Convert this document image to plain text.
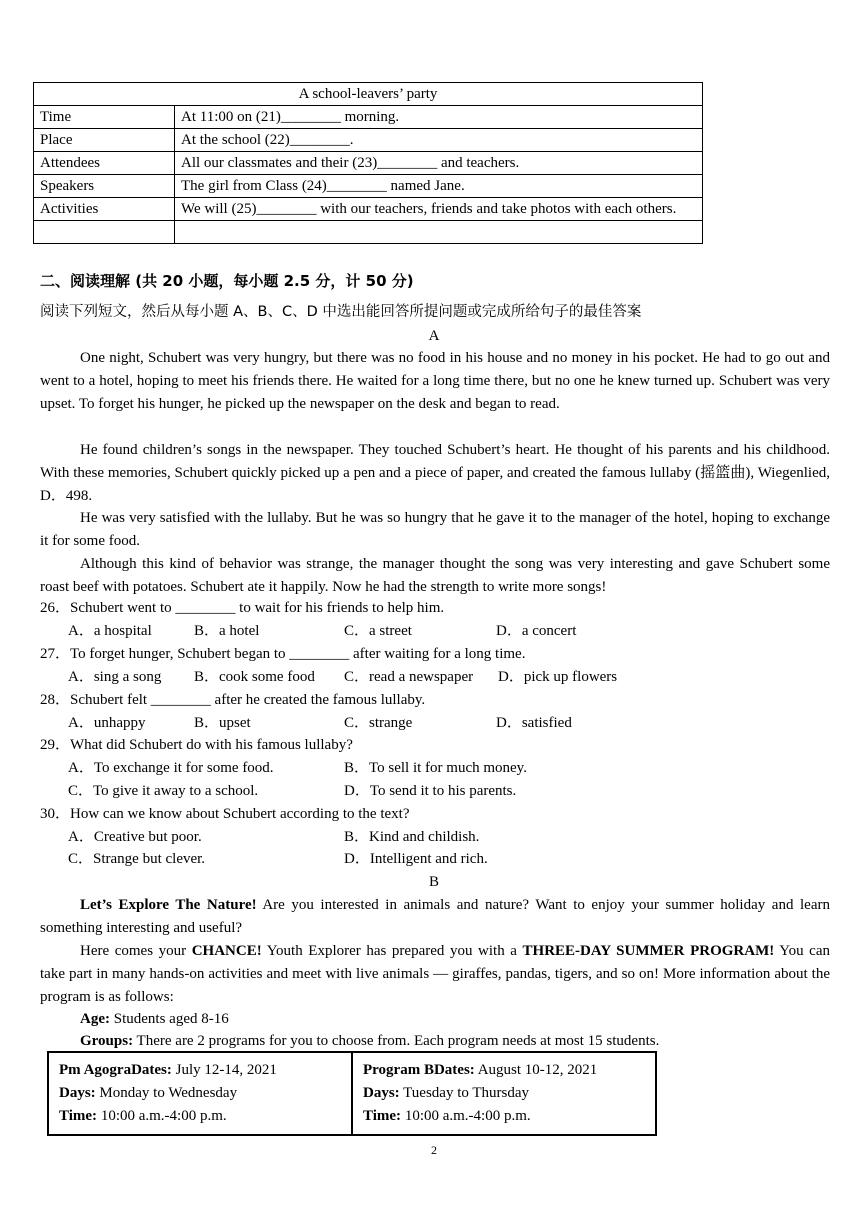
A school-leavers’ party	
Time	At 11:00 on (21)________ morning.
Place	At the school (22)________.
Attendees	All our classmates and their (23)________ and teachers.
Speakers	The girl from Class (24)________ named Jane.
Activities	We will (25)________ with our teachers, friends and take photos with each others.

二、阅读理解 (共 20 小题，每小题 2.5 分，计 50 分)
阅读下列短文，然后从每小题 A、B、C、D 中选出能回答所提问题或完成所给句子的最佳答案
A
One night, Schubert was very hungry, but there was no food in his house and no money in his pocket. He had to go out and went to a hotel, hoping to meet his friends there. He waited for a long time there, but no one he knew turned up. Schubert was very upset. To forget his hunger, he picked up the newspaper on the desk and began to read.
He found children’s songs in the newspaper. They touched Schubert’s heart. He thought of his parents and his childhood. With these memories, Schubert quickly picked up a pen and a piece of paper, and created the famous lullaby (摇篮曲), Wiegenlied, D．498.
He was very satisfied with the lullaby. But he was so hungry that he gave it to the manager of the hotel, hoping to exchange it for some food.
Although this kind of behavior was strange, the manager thought the song was very interesting and gave Schubert some roast beef with potatoes. Schubert ate it happily. Now he had the strength to write more songs!
26．Schubert went to ________ to wait for his friends to help him.
A．a hospital	B．a hotel	C．a street	D．a concert
27．To forget hunger, Schubert began to ________ after waiting for a long time.
A．sing a song B．cook some food C．read a newspaper D．pick up flowers
28．Schubert felt ________ after he created the famous lullaby.
A．unhappy	B．upset	C．strange	D．satisfied
29．What did Schubert do with his famous lullaby?
A．To exchange it for some food.	B．To sell it for much money.
C．To give it away to a school.	D．To send it to his parents.
30．How can we know about Schubert according to the text?
A．Creative but poor.	B．Kind and childish.
C．Strange but clever.	D．Intelligent and rich.
B
Let’s Explore The Nature! Are you interested in animals and nature? Want to enjoy your summer holiday and learn something interesting and useful?
Here comes your CHANCE! Youth Explorer has prepared you with a THREE-DAY SUMMER PROGRAM! You can take part in many hands-on activities and meet with live animals — giraffes, pandas, tigers, and so on! More information about the program is as follows:
Age: Students aged 8-16
Groups: There are 2 programs for you to choose from. Each program needs at most 15 students.
Pm AgograDates: July 12-14, 2021
Days: Monday to Wednesday
Time: 10:00 a.m.-4:00 p.m.

Program BDates: August 10-12, 2021
Days: Tuesday to Thursday
Time: 10:00 a.m.-4:00 p.m.
2
